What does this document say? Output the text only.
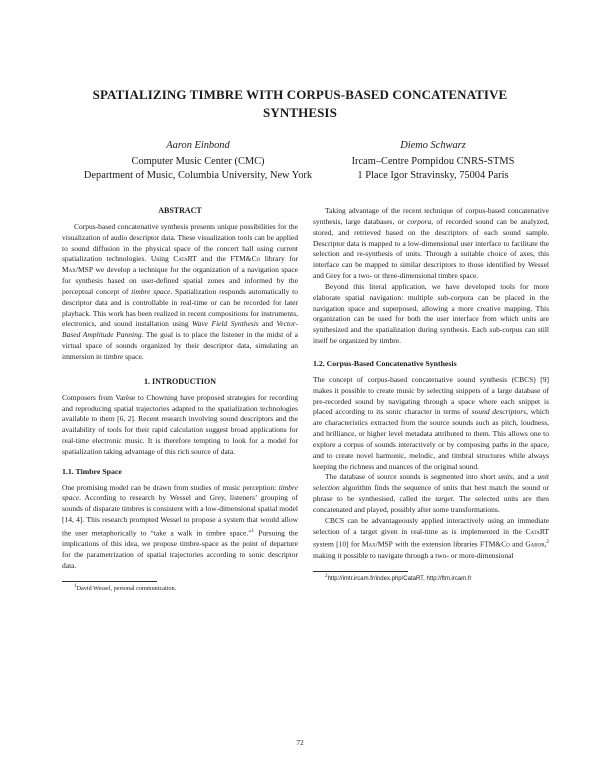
SPATIALIZING TIMBRE WITH CORPUS-BASED CONCATENATIVE
SYNTHESIS
Aaron Einbond
Computer Music Center (CMC)
Department of Music, Columbia University, New York
Diemo Schwarz
Ircam–Centre Pompidou CNRS-STMS
1 Place Igor Stravinsky, 75004 Paris
ABSTRACT

Corpus-based concatenative synthesis presents unique possibilities for the visualization of audio descriptor data. These visualization tools can be applied to sound diffusion in the physical space of the concert hall using current spatialization technologies. Using CataRT and the FTM&Co library for Max/MSP we develop a technique for the organization of a navigation space for synthesis based on user-defined spatial zones and informed by the perceptual concept of timbre space. Spatialization responds automatically to descriptor data and is controllable in real-time or can be recorded for later playback. This work has been realized in recent compositions for instruments, electronics, and sound installation using Wave Field Synthesis and Vector-Based Amplitude Panning. The goal is to place the listener in the midst of a virtual space of sounds organized by their descriptor data, simulating an immersion in timbre space.

1. INTRODUCTION

Composers from Varèse to Chowning have proposed strategies for recording and reproducing spatial trajectories adapted to the spatialization technologies available to them [6, 2]. Recent research involving sound descriptors and the availability of tools for their rapid calculation suggest broad applications for real-time electronic music. It is therefore tempting to look for a model for spatialization taking advantage of this rich source of data.

1.1. Timbre Space

One promising model can be drawn from studies of music perception: timbre space. According to research by Wessel and Grey, listeners’ grouping of sounds of disparate timbres is consistent with a low-dimensional spatial model [14, 4]. This research prompted Wessel to propose a system that would allow the user metaphorically to “take a walk in timbre space.”$^1$ Pursuing the implications of this idea, we propose timbre-space as the point of departure for the parametrization of spatial trajectories according to sonic descriptor data.

$^1$David Wessel, personal communication.

Taking advantage of the recent technique of corpus-based concatenative synthesis, large databases, or corpora, of recorded sound can be analyzed, stored, and retrieved based on the descriptors of each sound sample. Descriptor data is mapped to a low-dimensional user interface to facilitate the selection and re-synthesis of units. Through a suitable choice of axes, this interface can be mapped to similar descriptors to those identified by Wessel and Grey for a two- or three-dimensional timbre space.

Beyond this literal application, we have developed tools for more elaborate spatial navigation: multiple sub-corpora can be placed in the navigation space and superposed, allowing a more creative mapping. This organization can be used for both the user interface from which units are synthesized and the spatialization during synthesis. Each sub-corpus can still itself be organized by timbre.

1.2. Corpus-Based Concatenative Synthesis

The concept of corpus-based concatenative sound synthesis (CBCS) [9] makes it possible to create music by selecting snippets of a large database of pre-recorded sound by navigating through a space where each snippet is placed according to its sonic character in terms of sound descriptors, which are characteristics extracted from the source sounds such as pitch, loudness, and brilliance, or higher level metadata attributed to them. This allows one to explore a corpus of sounds interactively or by composing paths in the space, and to create novel harmonic, melodic, and timbral structures while always keeping the richness and nuances of the original sound.

The database of source sounds is segmented into short units, and a unit selection algorithm finds the sequence of units that best match the sound or phrase to be synthesised, called the target. The selected units are then concatenated and played, possibly after some transformations.

CBCS can be advantageously applied interactively using an immediate selection of a target given in real-time as is implemented in the CataRT system [10] for Max/MSP with the extension libraries FTM&Co and Gabor,$^2$ making it possible to navigate through a two- or more-dimensional

$^2$http://imtr.ircam.fr/index.php/CataRT, http://ftm.ircam.fr

72
